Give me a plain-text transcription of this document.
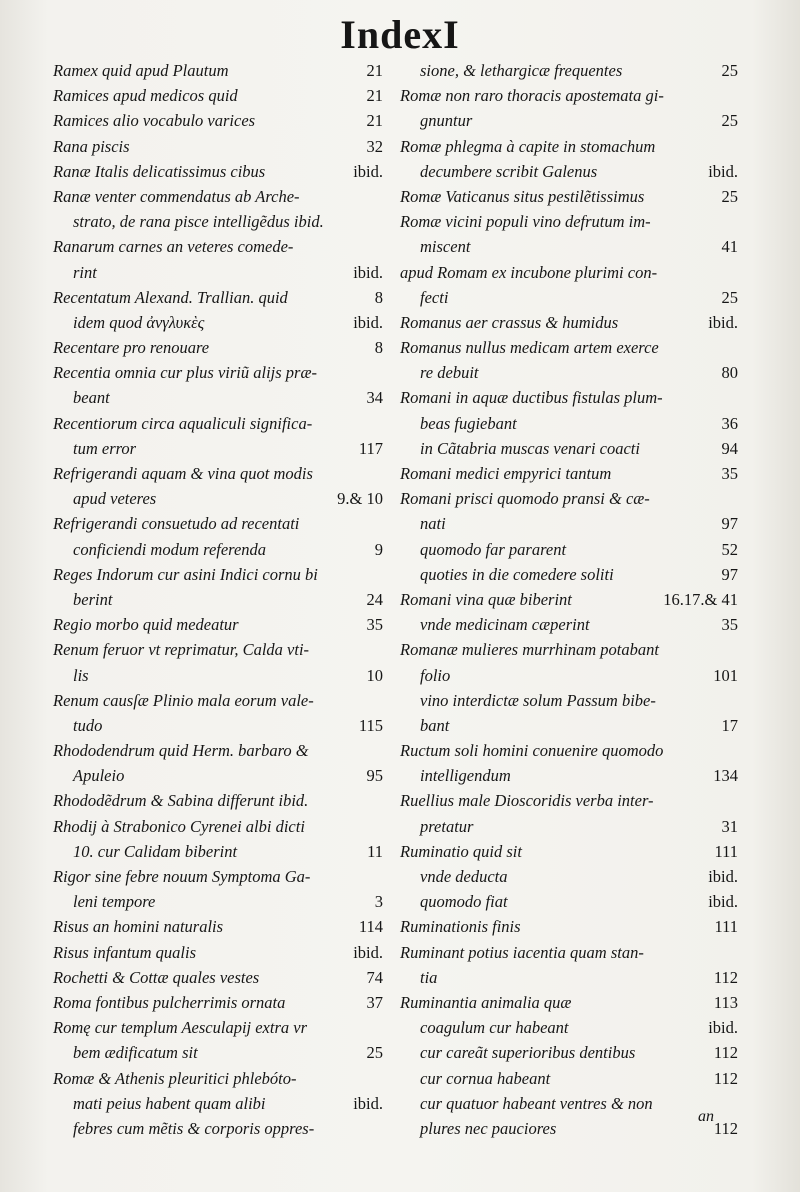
IndexI
Ramex quid apud Plautum	21
Ramices apud medicos quid	21
Ramices alio vocabulo varices	21
Rana piscis	32
Ranæ Italis delicatissimus cibus	ibid.
Ranæ venter commendatus ab Arche-
strato, de rana pisce intelligẽdus ibid.
Ranarum carnes an veteres comede-
rint	ibid.
Recentatum Alexand. Trallian. quid	8
idem quod ἀνγλυκὲς	ibid.
Recentare pro renouare	8
Recentia omnia cur plus viriũ alijs præ-
beant	34
Recentiorum circa aqualiculi significa-
tum error	117
Refrigerandi aquam & vina quot modis
apud veteres	9.& 10
Refrigerandi consuetudo ad recentati
conficiendi modum referenda	9
Reges Indorum cur asini Indici cornu bi
berint	24
Regio morbo quid medeatur	35
Renum feruor vt reprimatur, Calda vti-
lis	10
Renum causſæ Plinio mala eorum vale-
tudo	115
Rhododendrum quid Herm. barbaro &
Apuleio	95
Rhododẽdrum & Sabina differunt ibid.
Rhodij à Strabonico Cyrenei albi dicti
10. cur Calidam biberint	11
Rigor sine febre nouum Symptoma Ga-
leni tempore	3
Risus an homini naturalis	114
Risus infantum qualis	ibid.
Rochetti & Cottæ quales vestes	74
Roma fontibus pulcherrimis ornata	37
Romę cur templum Aesculapij extra vr
bem ædificatum sit	25
Romæ & Athenis pleuritici phlebóto-
mati peius habent quam alibi	ibid.
febres cum mẽtis & corporis oppres-
sione, & lethargicæ frequentes	25
Romæ non raro thoracis apostemata gi-
gnuntur	25
Romæ phlegma à capite in stomachum
decumbere scribit Galenus	ibid.
Romæ Vaticanus situs pestilẽtissimus	25
Romæ vicini populi vino defrutum im-
miscent	41
apud Romam ex incubone plurimi con-
fecti	25
Romanus aer crassus & humidus	ibid.
Romanus nullus medicam artem exerce
re debuit	80
Romani in aquæ ductibus fistulas plum-
beas fugiebant	36
in Cãtabria muscas venari coacti	94
Romani medici empyrici tantum	35
Romani prisci quomodo pransi & cæ-
nati	97
quomodo far pararent	52
quoties in die comedere soliti	97
Romani vina quæ biberint	16.17.& 41
vnde medicinam cæperint	35
Romanæ mulieres murrhinam potabant
folio	101
vino interdictæ solum Passum bibe-
bant	17
Ructum soli homini conuenire quomodo
intelligendum	134
Ruellius male Dioscoridis verba inter-
pretatur	31
Ruminatio quid sit	111
vnde deducta	ibid.
quomodo fiat	ibid.
Ruminationis finis	111
Ruminant potius iacentia quam stan-
tia	112
Ruminantia animalia quæ	113
coagulum cur habeant	ibid.
cur careãt superioribus dentibus	112
cur cornua habeant	112
cur quatuor habeant ventres & non
plures nec pauciores	112
an
